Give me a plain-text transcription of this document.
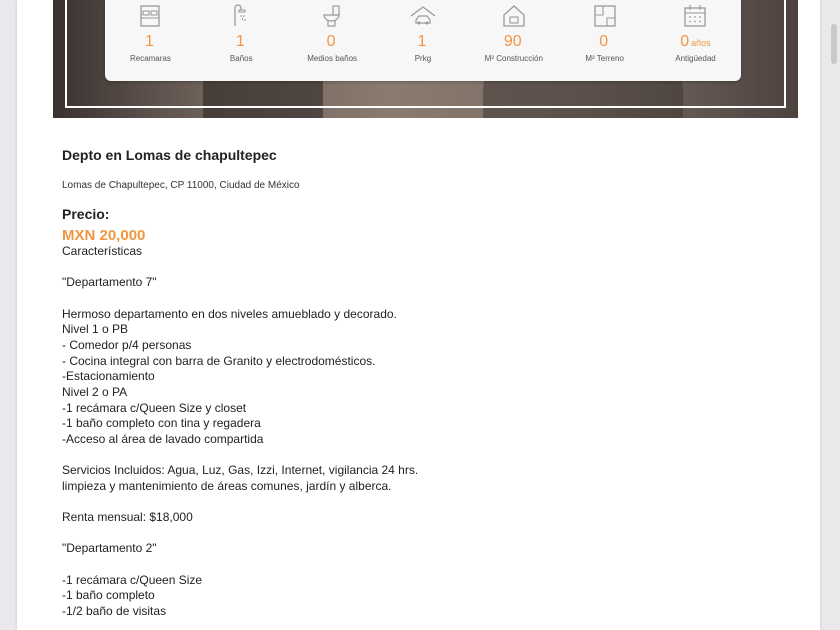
1
Recamaras
1
Baños
0
Medios baños
1
Prkg
90
M² Construcción
0
M² Terreno
0 años
Antigüedad
Depto en Lomas de chapultepec
Lomas de Chapultepec, CP 11000, Ciudad de México
Precio:
MXN 20,000
Características

"Departamento 7"

Hermoso departamento en dos niveles amueblado y decorado.
Nivel 1 o PB
- Comedor p/4 personas
- Cocina integral con barra de Granito y electrodomésticos.
-Estacionamiento
Nivel 2 o PA
-1 recámara c/Queen Size y closet
-1 baño completo con tina y regadera
-Acceso al área de lavado compartida

Servicios Incluidos: Agua, Luz, Gas, Izzi, Internet, vigilancia 24 hrs.
limpieza y mantenimiento de áreas comunes, jardín y alberca.

Renta mensual: $18,000

"Departamento 2"

-1 recámara c/Queen Size
-1 baño completo
-1/2 baño de visitas
